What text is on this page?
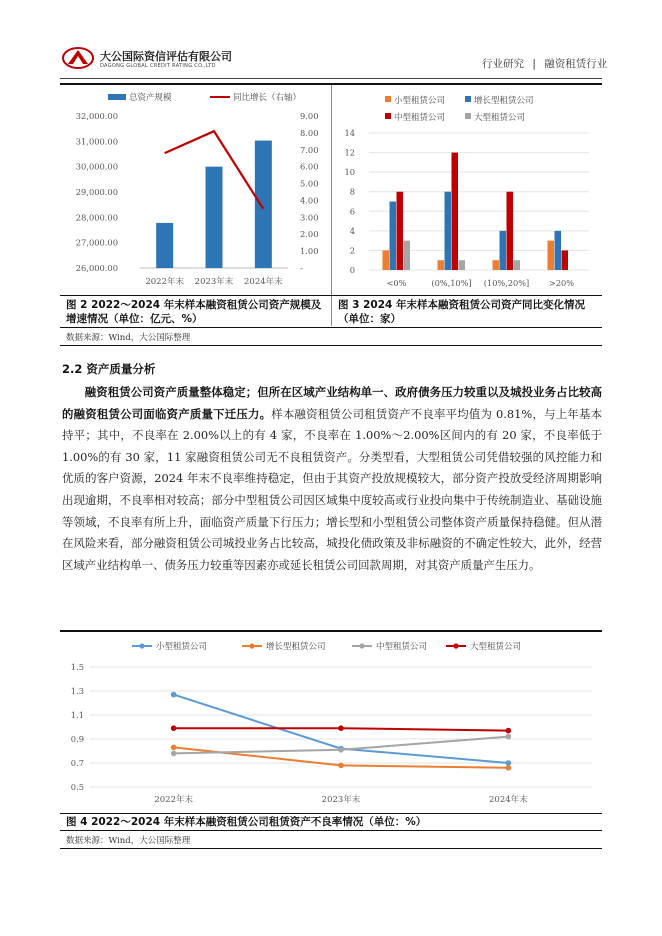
大公国际资信评估有限公司
DAGONG GLOBAL CREDIT RATING CO.,LTD	行业研究 | 融资租赁行业
总资产规模	同比增长（右轴）
32,000.00
31,000.00
30,000.00
29,000.00
28,000.00
27,000.00
26,000.00
9.00
8.00
7.00
6.00
5.00
4.00
3.00
2.00
1.00
-
2022年末 2023年末 2024年末
小型租赁公司	增长型租赁公司
中型租赁公司	大型租赁公司
14
12
10
8
6
4
2
0
<0%	(0%,10%] (10%,20%] >20%
图 2 2022～2024 年末样本融资租赁公司资产规模及增速情况（单位：亿元、%）
图 3 2024 年末样本融资租赁公司资产同比变化情况（单位：家）
数据来源：Wind，大公国际整理
2.2 资产质量分析
融资租赁公司资产质量整体稳定；但所在区域产业结构单一、政府债务压力较重以及城投业务占比较高的融资租赁公司面临资产质量下迁压力。样本融资租赁公司租赁资产不良率平均值为 0.81%，与上年基本持平；其中，不良率在 2.00%以上的有 4 家，不良率在 1.00%～2.00%区间内的有 20 家，不良率低于 1.00%的有 30 家，11 家融资租赁公司无不良租赁资产。分类型看，大型租赁公司凭借较强的风控能力和优质的客户资源，2024 年末不良率维持稳定，但由于其资产投放规模较大，部分资产投放受经济周期影响出现逾期，不良率相对较高；部分中型租赁公司因区域集中度较高或行业投向集中于传统制造业、基础设施等领域，不良率有所上升，面临资产质量下行压力；增长型和小型租赁公司整体资产质量保持稳健。但从潜在风险来看，部分融资租赁公司城投业务占比较高，城投化债政策及非标融资的不确定性较大，此外，经营区域产业结构单一、债务压力较重等因素亦或延长租赁公司回款周期，对其资产质量产生压力。
小型租赁公司	增长型租赁公司	中型租赁公司	大型租赁公司
1.5
1.3
1.1
0.9
0.7
0.5
2022年末	2023年末	2024年末
图 4 2022～2024 年末样本融资租赁公司租赁资产不良率情况（单位：%）
数据来源：Wind，大公国际整理
